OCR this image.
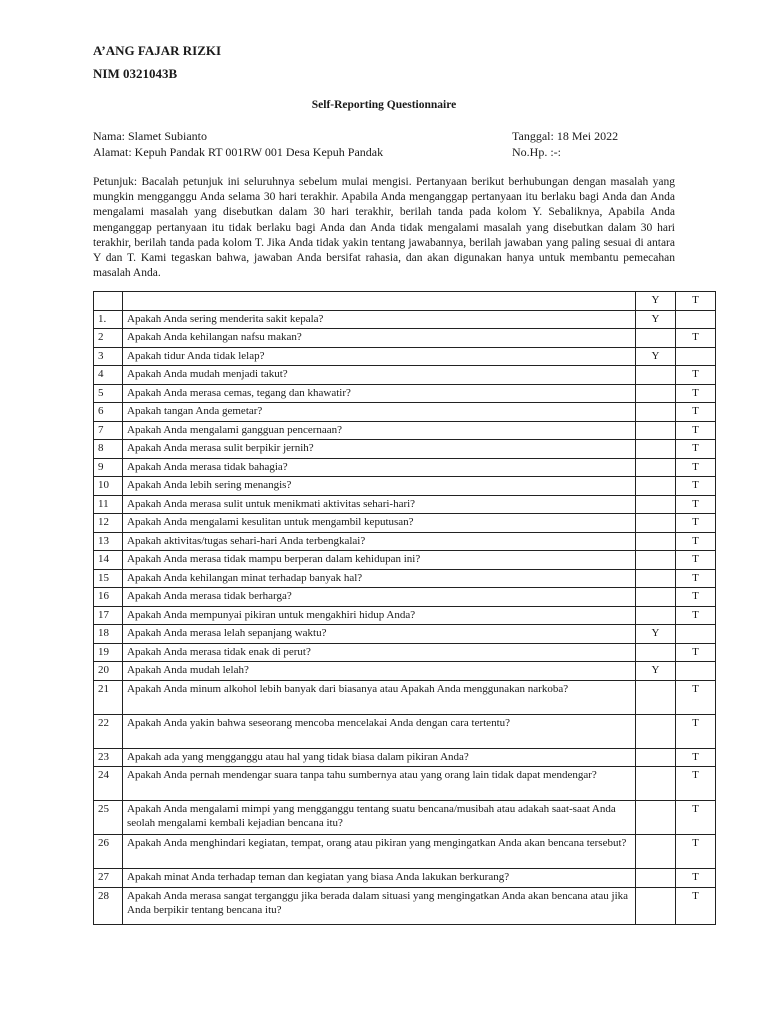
A’ANG FAJAR RIZKI
NIM 0321043B
Self-Reporting Questionnaire
Nama: Slamet Subianto
Alamat: Kepuh Pandak RT 001RW 001 Desa Kepuh Pandak
Tanggal: 18 Mei 2022
No.Hp. :-:
Petunjuk: Bacalah petunjuk ini seluruhnya sebelum mulai mengisi. Pertanyaan berikut berhubungan dengan masalah yang mungkin mengganggu Anda selama 30 hari terakhir. Apabila Anda menganggap pertanyaan itu berlaku bagi Anda dan Anda mengalami masalah yang disebutkan dalam 30 hari terakhir, berilah tanda pada kolom Y. Sebaliknya, Apabila Anda menganggap pertanyaan itu tidak berlaku bagi Anda dan Anda tidak mengalami masalah yang disebutkan dalam 30 hari terakhir, berilah tanda pada kolom T. Jika Anda tidak yakin tentang jawabannya, berilah jawaban yang paling sesuai di antara Y dan T. Kami tegaskan bahwa, jawaban Anda bersifat rahasia, dan akan digunakan hanya untuk membantu pemecahan masalah Anda.
		Y	T
1.	Apakah Anda sering menderita sakit kepala?	Y	
2	Apakah Anda kehilangan nafsu makan?		T
3	Apakah tidur Anda tidak lelap?	Y	
4	Apakah Anda mudah menjadi takut?		T
5	Apakah Anda merasa cemas, tegang dan khawatir?		T
6	Apakah tangan Anda gemetar?		T
7	Apakah Anda mengalami gangguan pencernaan?		T
8	Apakah Anda merasa sulit berpikir jernih?		T
9	Apakah Anda merasa tidak bahagia?		T
10	Apakah Anda lebih sering menangis?		T
11	Apakah Anda merasa sulit untuk menikmati aktivitas sehari-hari?		T
12	Apakah Anda mengalami kesulitan untuk mengambil keputusan?		T
13	Apakah aktivitas/tugas sehari-hari Anda terbengkalai?		T
14	Apakah Anda merasa tidak mampu berperan dalam kehidupan ini?		T
15	Apakah Anda kehilangan minat terhadap banyak hal?		T
16	Apakah Anda merasa tidak berharga?		T
17	Apakah Anda mempunyai pikiran untuk mengakhiri hidup Anda?		T
18	Apakah Anda merasa lelah sepanjang waktu?	Y	
19	Apakah Anda merasa tidak enak di perut?		T
20	Apakah Anda mudah lelah?	Y	
21	Apakah Anda minum alkohol lebih banyak dari biasanya atau Apakah Anda menggunakan narkoba?		T
22	Apakah Anda yakin bahwa seseorang mencoba mencelakai Anda dengan cara tertentu?		T
23	Apakah ada yang mengganggu atau hal yang tidak biasa dalam pikiran Anda?		T
24	Apakah Anda pernah mendengar suara tanpa tahu sumbernya atau yang orang lain tidak dapat mendengar?		T
25	Apakah Anda mengalami mimpi yang mengganggu tentang suatu bencana/musibah atau adakah saat-saat Anda seolah mengalami kembali kejadian bencana itu?		T
26	Apakah Anda menghindari kegiatan, tempat, orang atau pikiran yang mengingatkan Anda akan bencana tersebut?		T
27	Apakah minat Anda terhadap teman dan kegiatan yang biasa Anda lakukan berkurang?		T
28	Apakah Anda merasa sangat terganggu jika berada dalam situasi yang mengingatkan Anda akan bencana atau jika Anda berpikir tentang bencana itu?		T
